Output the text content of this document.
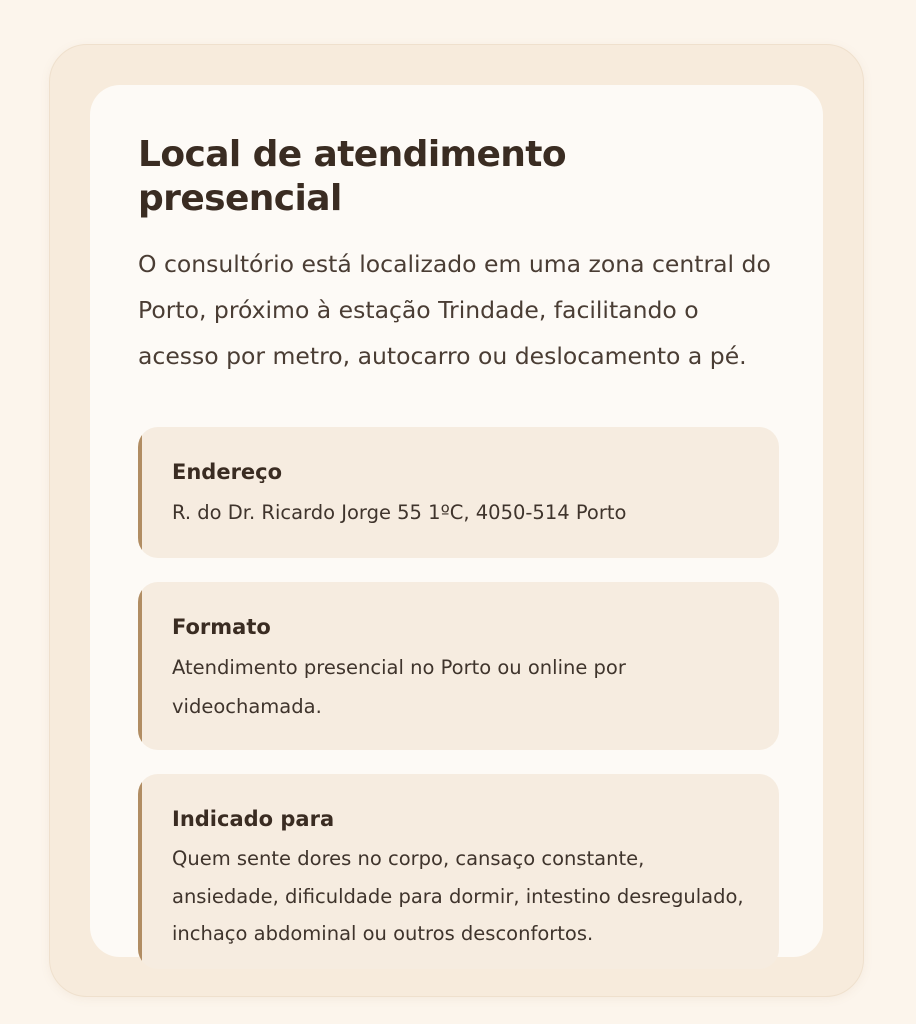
Local de atendimento presencial

O consultório está localizado em uma zona central do Porto, próximo à estação Trindade, facilitando o acesso por metro, autocarro ou deslocamento a pé.

Endereço

R. do Dr. Ricardo Jorge 55 1ºC, 4050-514 Porto

Formato

Atendimento presencial no Porto ou online por videochamada.

Indicado para

Quem sente dores no corpo, cansaço constante, ansiedade, dificuldade para dormir, intestino desregulado, inchaço abdominal ou outros desconfortos.
